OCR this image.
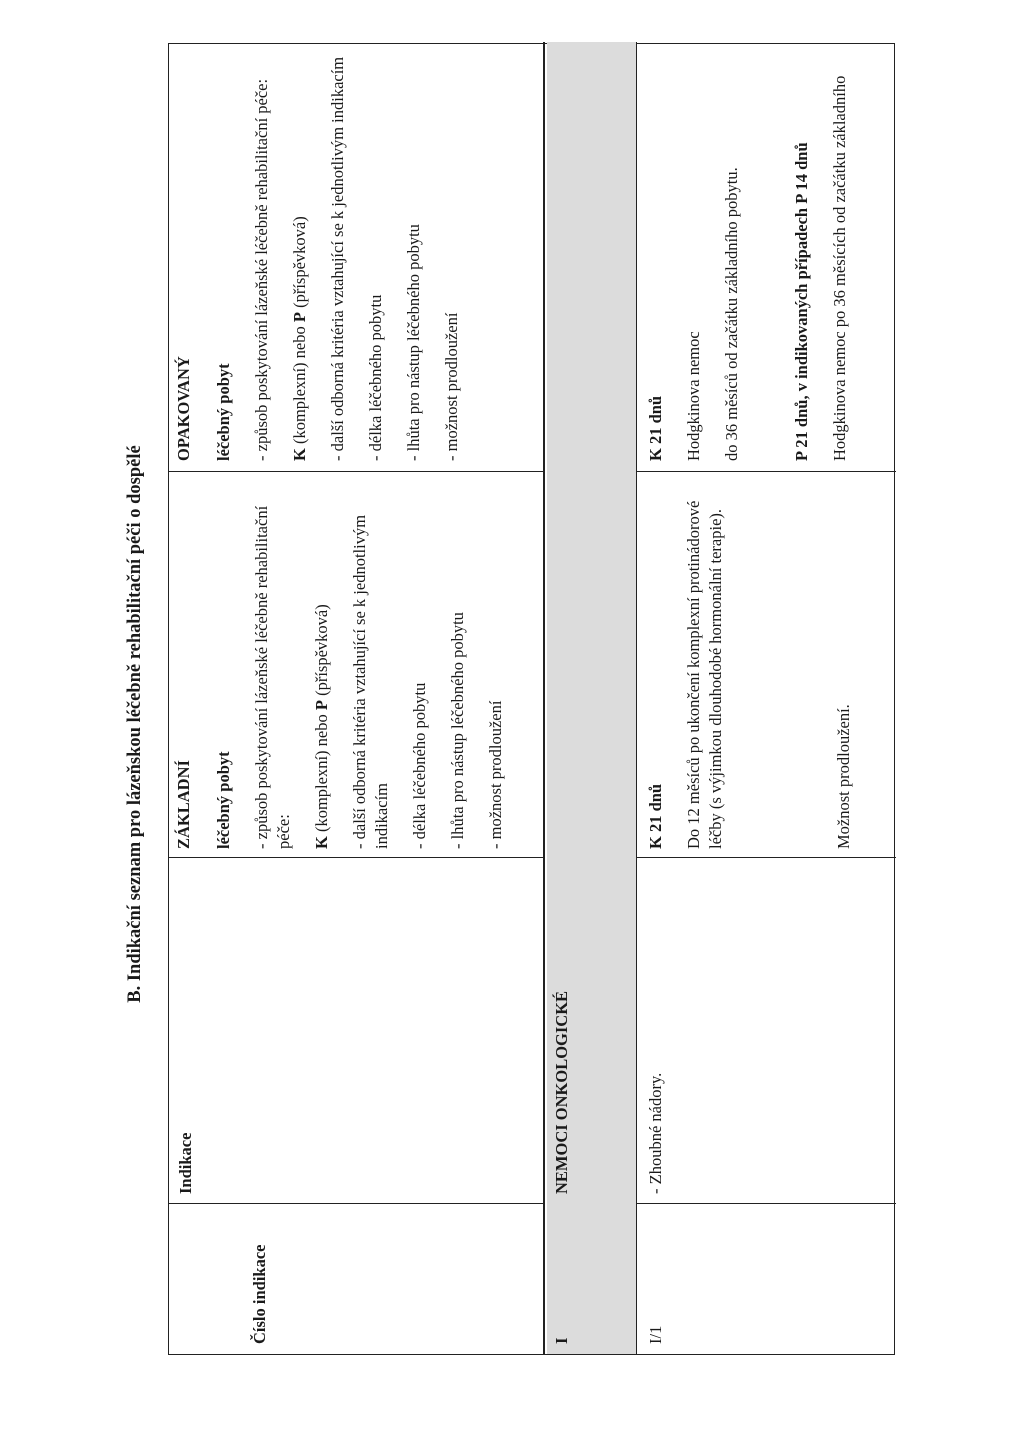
B. Indikační seznam pro lázeňskou léčebně rehabilitační péči o dospělé

Číslo indikace

Indikace

ZÁKLADNÍ léčebný pobyt - způsob poskytování lázeňské léčebně rehabilitační péče: K (komplexní) nebo P (příspěvková) - další odborná kritéria vztahující se k jednotlivým indikacím - délka léčebného pobytu - lhůta pro nástup léčebného pobytu - možnost prodloužení

OPAKOVANÝ léčebný pobyt - způsob poskytování lázeňské léčebně rehabilitační péče: K (komplexní) nebo P (příspěvková) - další odborná kritéria vztahující se k jednotlivým indikacím - délka léčebného pobytu - lhůta pro nástup léčebného pobytu - možnost prodloužení

I

NEMOCI ONKOLOGICKÉ

I/1

- Zhoubné nádory.

K 21 dnů Do 12 měsíců po ukončení komplexní protinádorové léčby (s výjimkou dlouhodobé hormonální terapie).	Možnost prodloužení.

K 21 dnů Hodgkinova nemoc do 36 měsíců od začátku základního pobytu.	P 21 dnů, v indikovaných případech P 14 dnů Hodgkinova nemoc po 36 měsících od začátku základního
